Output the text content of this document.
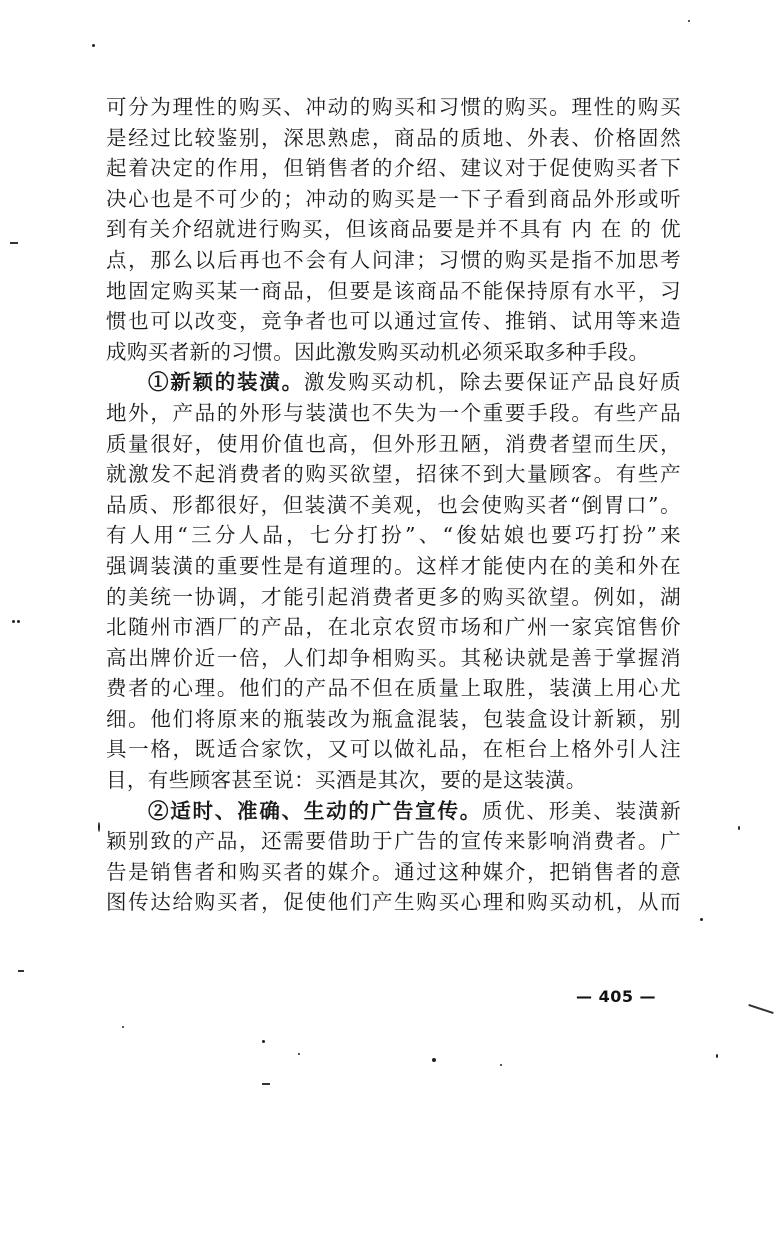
可分为理性的购买、冲动的购买和习惯的购买。理性的购买
是经过比较鉴别，深思熟虑，商品的质地、外表、价格固然
起着决定的作用，但销售者的介绍、建议对于促使购买者下
决心也是不可少的；冲动的购买是一下子看到商品外形或听
到有关介绍就进行购买，但该商品要是并不具有 内 在 的 优
点，那么以后再也不会有人问津；习惯的购买是指不加思考
地固定购买某一商品，但要是该商品不能保持原有水平，习
惯也可以改变，竞争者也可以通过宣传、推销、试用等来造
成购买者新的习惯。因此激发购买动机必须采取多种手段。
①新颖的装潢。激发购买动机，除去要保证产品良好质
地外，产品的外形与装潢也不失为一个重要手段。有些产品
质量很好，使用价值也高，但外形丑陋，消费者望而生厌，
就激发不起消费者的购买欲望，招徕不到大量顾客。有些产
品质、形都很好，但装潢不美观，也会使购买者“倒胃口”。
有人用“三分人品，七分打扮”、“俊姑娘也要巧打扮”来
强调装潢的重要性是有道理的。这样才能使内在的美和外在
的美统一协调，才能引起消费者更多的购买欲望。例如，湖
北随州市酒厂的产品，在北京农贸市场和广州一家宾馆售价
高出牌价近一倍，人们却争相购买。其秘诀就是善于掌握消
费者的心理。他们的产品不但在质量上取胜，装潢上用心尤
细。他们将原来的瓶装改为瓶盒混装，包装盒设计新颖，别
具一格，既适合家饮，又可以做礼品，在柜台上格外引人注
目，有些顾客甚至说：买酒是其次，要的是这装潢。
②适时、准确、生动的广告宣传。质优、形美、装潢新
颖别致的产品，还需要借助于广告的宣传来影响消费者。广
告是销售者和购买者的媒介。通过这种媒介，把销售者的意
图传达给购买者，促使他们产生购买心理和购买动机，从而
— 405 —
